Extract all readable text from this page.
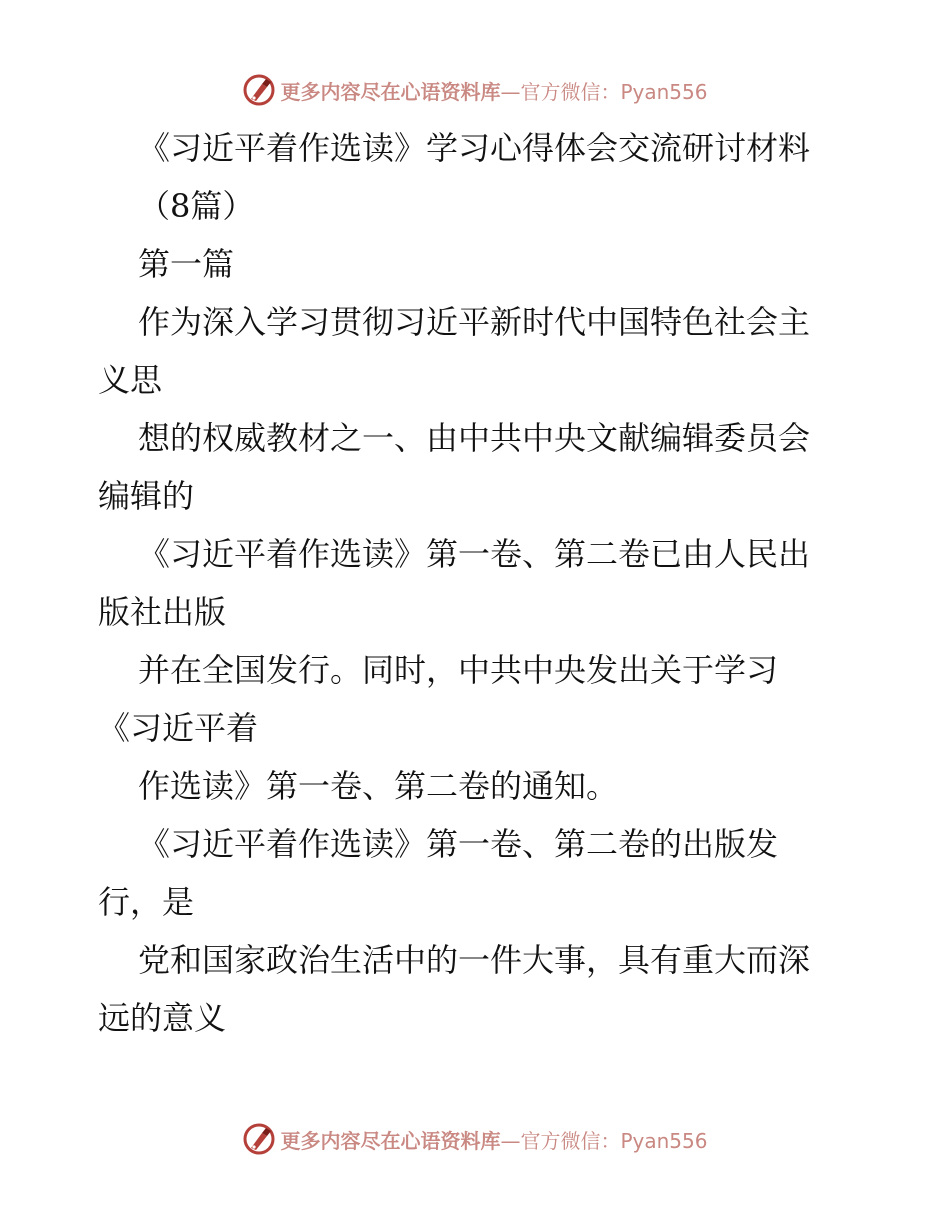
更多内容尽在心语资料库—官方微信：Pyan556
《习近平着作选读》学习心得体会交流研讨材料
（8篇）
第一篇
作为深入学习贯彻习近平新时代中国特色社会主
义思
想的权威教材之一、由中共中央文献编辑委员会
编辑的
《习近平着作选读》第一卷、第二卷已由人民出
版社出版
并在全国发行。同时，中共中央发出关于学习
《习近平着
作选读》第一卷、第二卷的通知。
《习近平着作选读》第一卷、第二卷的出版发
行，是
党和国家政治生活中的一件大事，具有重大而深
远的意义
更多内容尽在心语资料库—官方微信：Pyan556
